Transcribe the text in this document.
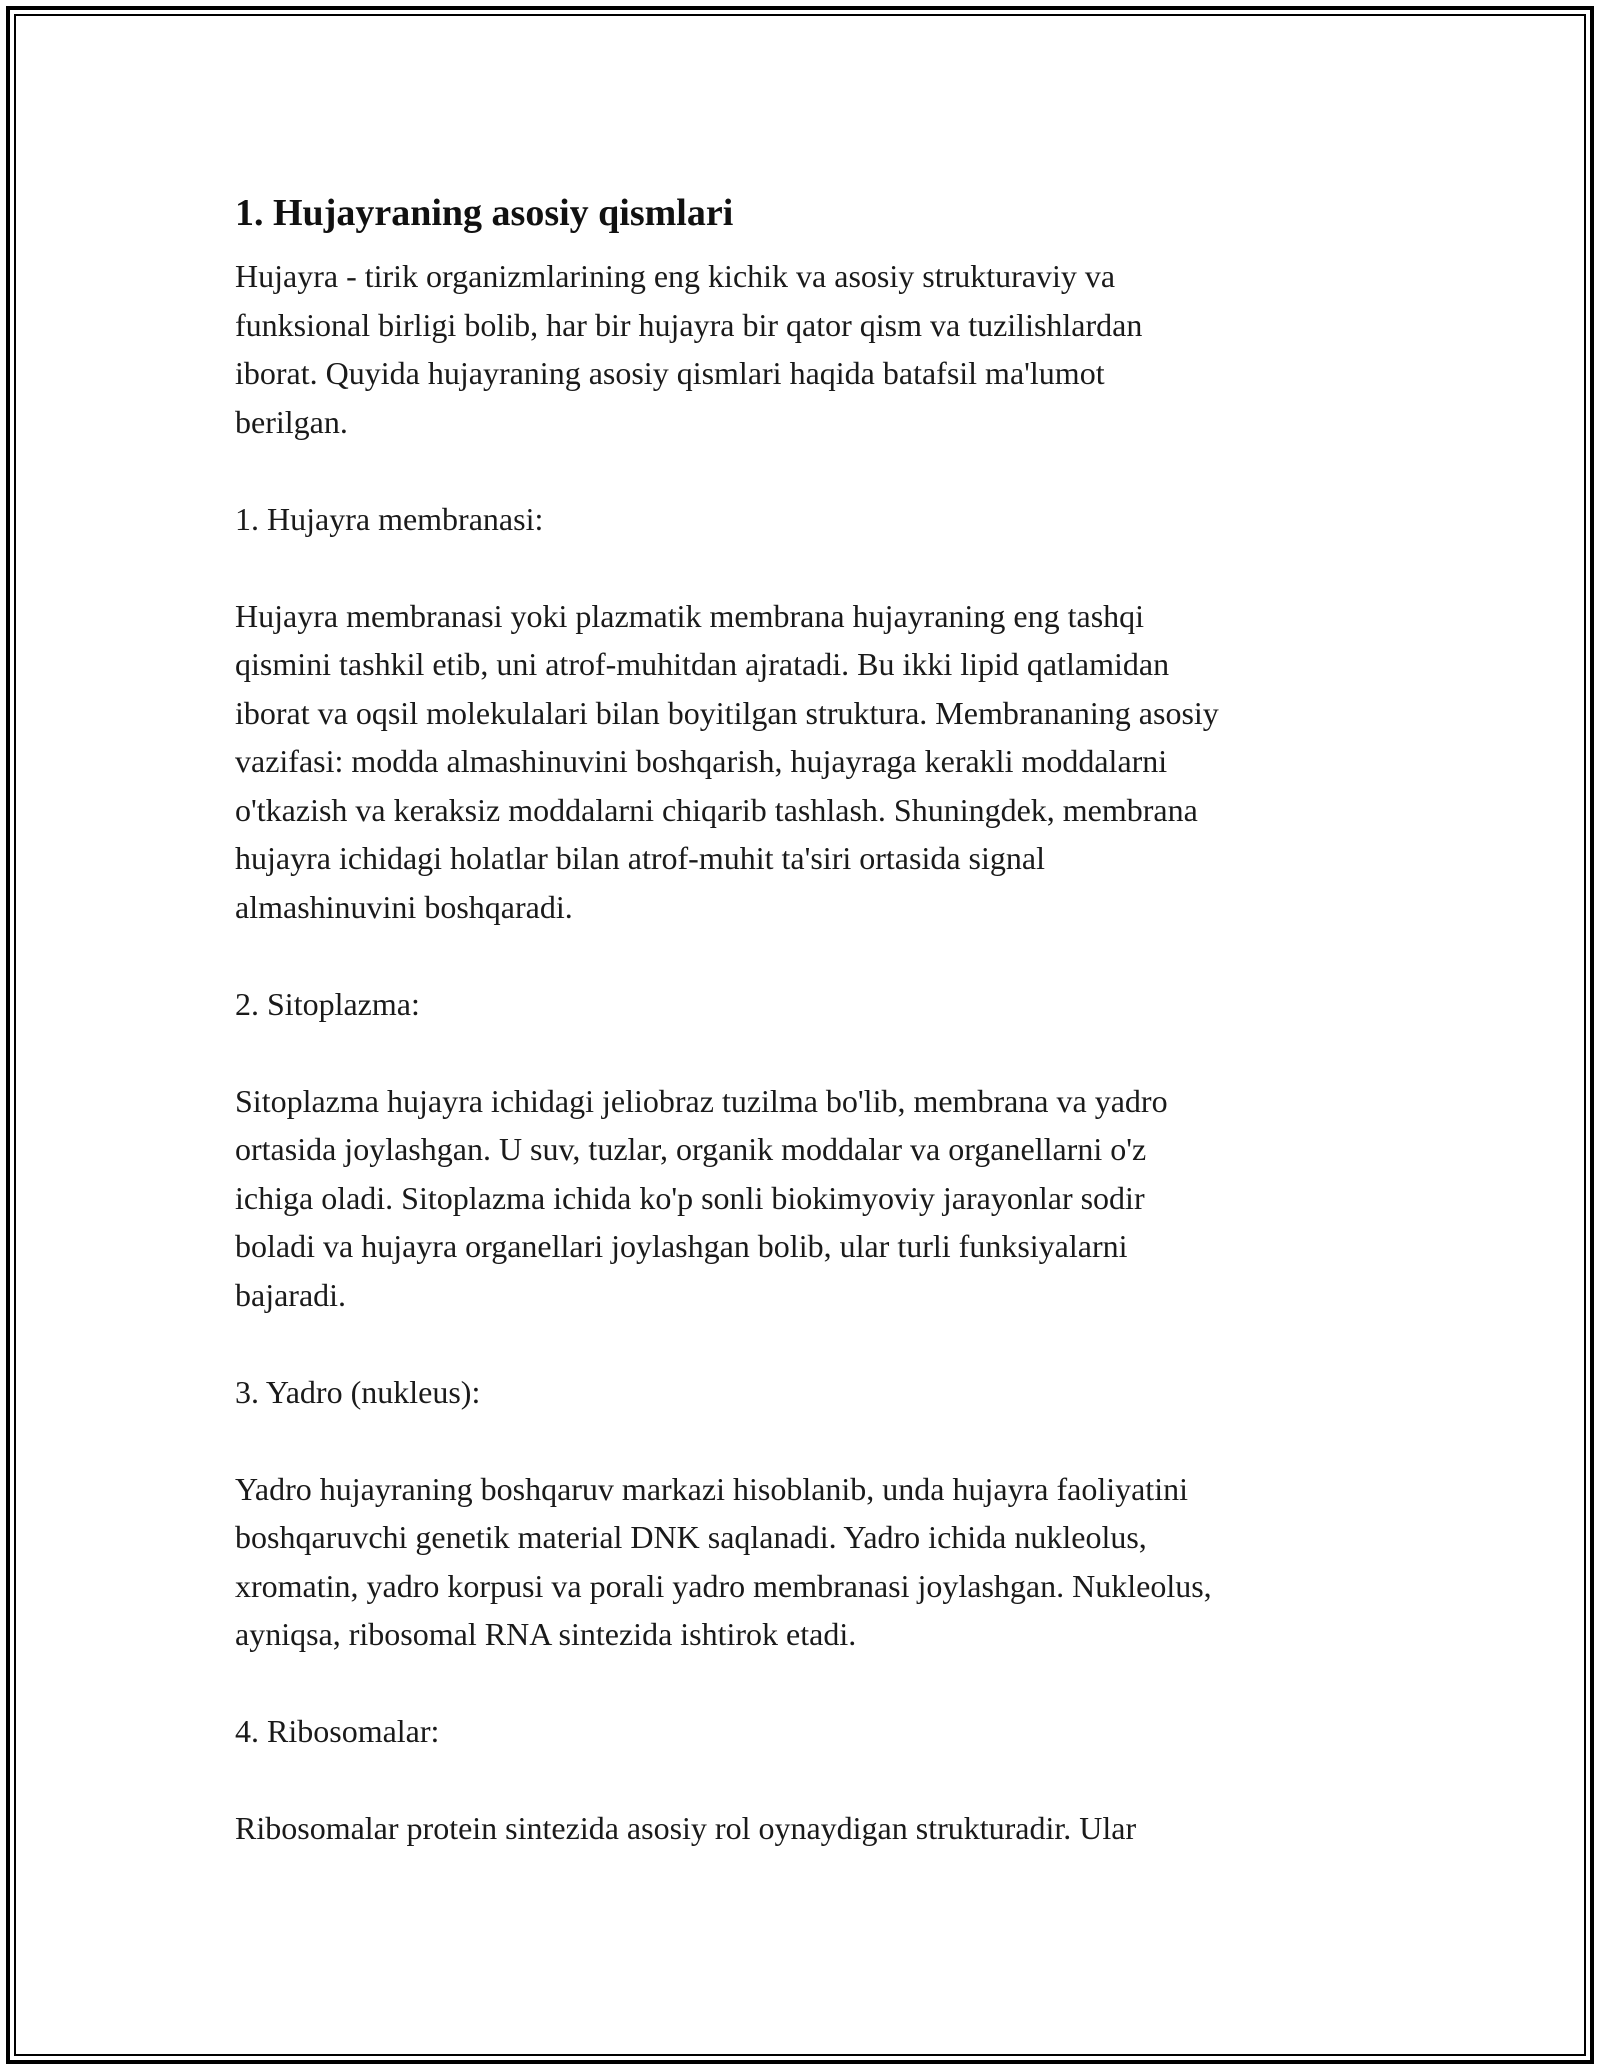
1. Hujayraning asosiy qismlari

Hujayra - tirik organizmlarining eng kichik va asosiy strukturaviy va
funksional birligi bolib, har bir hujayra bir qator qism va tuzilishlardan
iborat. Quyida hujayraning asosiy qismlari haqida batafsil ma'lumot
berilgan.

1. Hujayra membranasi:

Hujayra membranasi yoki plazmatik membrana hujayraning eng tashqi
qismini tashkil etib, uni atrof-muhitdan ajratadi. Bu ikki lipid qatlamidan
iborat va oqsil molekulalari bilan boyitilgan struktura. Membrananing asosiy
vazifasi: modda almashinuvini boshqarish, hujayraga kerakli moddalarni
o'tkazish va keraksiz moddalarni chiqarib tashlash. Shuningdek, membrana
hujayra ichidagi holatlar bilan atrof-muhit ta'siri ortasida signal
almashinuvini boshqaradi.

2. Sitoplazma:

Sitoplazma hujayra ichidagi jeliobraz tuzilma bo'lib, membrana va yadro
ortasida joylashgan. U suv, tuzlar, organik moddalar va organellarni o'z
ichiga oladi. Sitoplazma ichida ko'p sonli biokimyoviy jarayonlar sodir
boladi va hujayra organellari joylashgan bolib, ular turli funksiyalarni
bajaradi.

3. Yadro (nukleus):

Yadro hujayraning boshqaruv markazi hisoblanib, unda hujayra faoliyatini
boshqaruvchi genetik material DNK saqlanadi. Yadro ichida nukleolus,
xromatin, yadro korpusi va porali yadro membranasi joylashgan. Nukleolus,
ayniqsa, ribosomal RNA sintezida ishtirok etadi.

4. Ribosomalar:

Ribosomalar protein sintezida asosiy rol oynaydigan strukturadir. Ular
